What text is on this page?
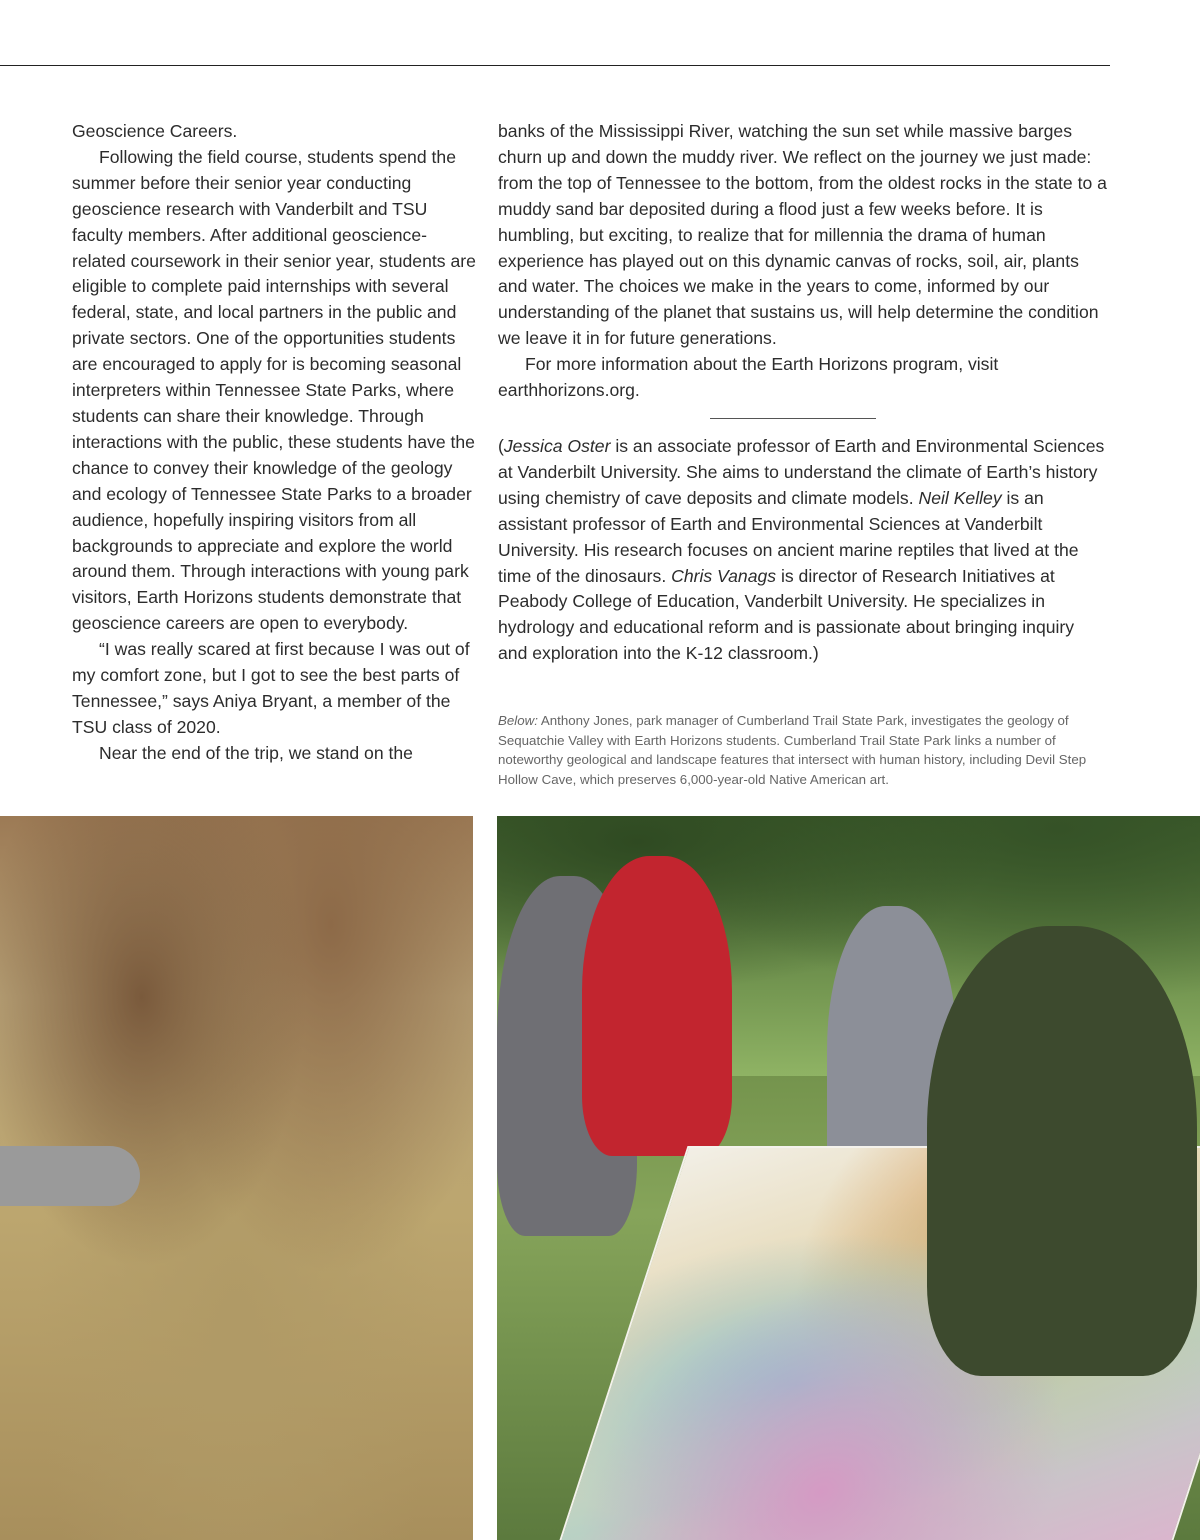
Geoscience Careers.

Following the field course, students spend the summer before their senior year conducting geoscience research with Vanderbilt and TSU faculty members. After additional geoscience-related coursework in their senior year, students are eligible to complete paid internships with several federal, state, and local partners in the public and private sectors. One of the opportunities students are encouraged to apply for is becoming seasonal interpreters within Tennessee State Parks, where students can share their knowledge. Through interactions with the public, these students have the chance to convey their knowledge of the geology and ecology of Tennessee State Parks to a broader audience, hopefully inspiring visitors from all backgrounds to appreciate and explore the world around them. Through interactions with young park visitors, Earth Horizons students demonstrate that geoscience careers are open to everybody.

“I was really scared at first because I was out of my comfort zone, but I got to see the best parts of Tennessee,” says Aniya Bryant, a member of the TSU class of 2020.

Near the end of the trip, we stand on the

banks of the Mississippi River, watching the sun set while massive barges churn up and down the muddy river. We reflect on the journey we just made: from the top of Tennessee to the bottom, from the oldest rocks in the state to a muddy sand bar deposited during a flood just a few weeks before. It is humbling, but exciting, to realize that for millennia the drama of human experience has played out on this dynamic canvas of rocks, soil, air, plants and water. The choices we make in the years to come, informed by our understanding of the planet that sustains us, will help determine the condition we leave it in for future generations.

For more information about the Earth Horizons program, visit earthhorizons.org.

(Jessica Oster is an associate professor of Earth and Environmental Sciences at Vanderbilt University. She aims to understand the climate of Earth’s history using chemistry of cave deposits and climate models. Neil Kelley is an assistant professor of Earth and Environmental Sciences at Vanderbilt University. His research focuses on ancient marine reptiles that lived at the time of the dinosaurs. Chris Vanags is director of Research Initiatives at Peabody College of Education, Vanderbilt University. He specializes in hydrology and educational reform and is passionate about bringing inquiry and exploration into the K-12 classroom.)

Below: Anthony Jones, park manager of Cumberland Trail State Park, investigates the geology of Sequatchie Valley with Earth Horizons students. Cumberland Trail State Park links a number of noteworthy geological and landscape features that intersect with human history, including Devil Step Hollow Cave, which preserves 6,000-year-old Native American art.
